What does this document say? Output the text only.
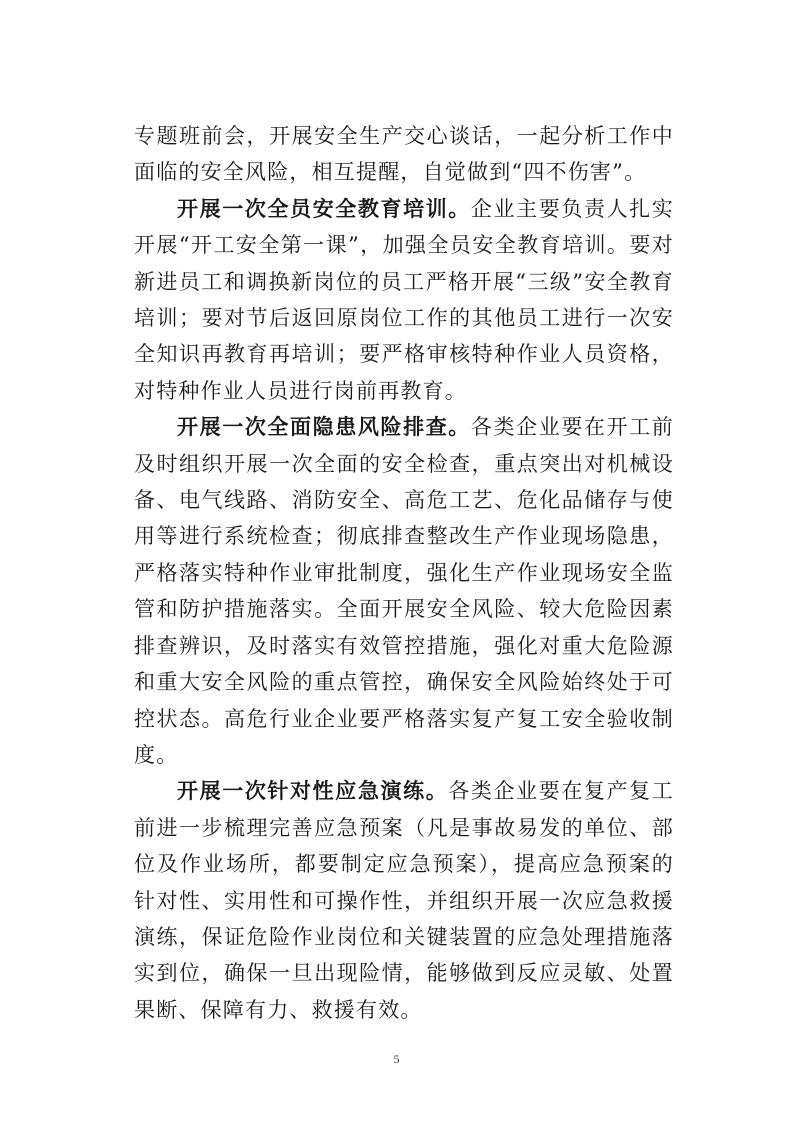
专题班前会，开展安全生产交心谈话，一起分析工作中面临的安全风险，相互提醒，自觉做到“四不伤害”。

开展一次全员安全教育培训。企业主要负责人扎实开展“开工安全第一课”，加强全员安全教育培训。要对新进员工和调换新岗位的员工严格开展“三级”安全教育培训；要对节后返回原岗位工作的其他员工进行一次安全知识再教育再培训；要严格审核特种作业人员资格，对特种作业人员进行岗前再教育。

开展一次全面隐患风险排查。各类企业要在开工前及时组织开展一次全面的安全检查，重点突出对机械设备、电气线路、消防安全、高危工艺、危化品储存与使用等进行系统检查；彻底排查整改生产作业现场隐患，严格落实特种作业审批制度，强化生产作业现场安全监管和防护措施落实。全面开展安全风险、较大危险因素排查辨识，及时落实有效管控措施，强化对重大危险源和重大安全风险的重点管控，确保安全风险始终处于可控状态。高危行业企业要严格落实复产复工安全验收制度。

开展一次针对性应急演练。各类企业要在复产复工前进一步梳理完善应急预案（凡是事故易发的单位、部位及作业场所，都要制定应急预案），提高应急预案的针对性、实用性和可操作性，并组织开展一次应急救援演练，保证危险作业岗位和关键装置的应急处理措施落实到位，确保一旦出现险情，能够做到反应灵敏、处置果断、保障有力、救援有效。

5
